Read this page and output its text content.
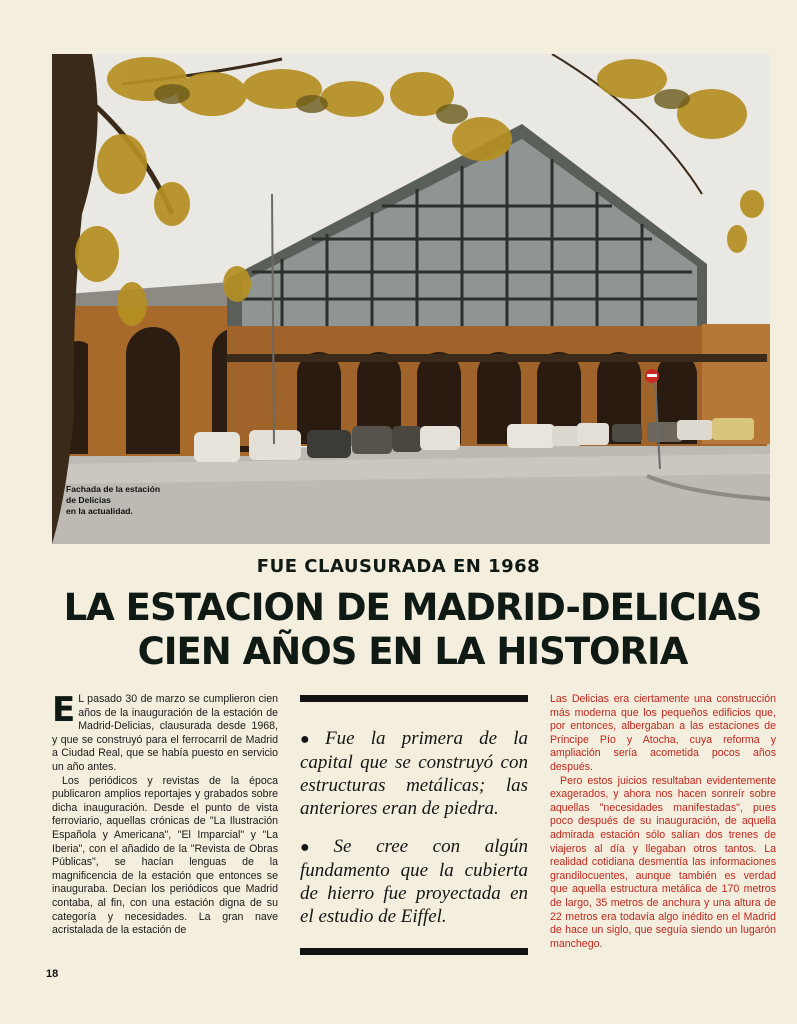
Fachada de la estación
de Delicias
en la actualidad.
FUE CLAUSURADA EN 1968
LA ESTACION DE MADRID-DELICIAS
CIEN AÑOS EN LA HISTORIA

E L pasado 30 de marzo se cumplieron cien años de la inauguración de la estación de Madrid-Delicias, clausurada desde 1968, y que se construyó para el ferrocarril de Madrid a Ciudad Real, que se había puesto en servicio un año antes.

Los periódicos y revistas de la época publicaron amplios reportajes y grabados sobre dicha inauguración. Desde el punto de vista ferroviario, aquellas crónicas de "La Ilustración Española y Americana", "El Imparcial" y "La Iberia", con el añadido de la "Revista de Obras Públicas", se hacían lenguas de la magnificencia de la estación que entonces se inauguraba. Decían los periódicos que Madrid contaba, al fin, con una estación digna de su categoría y necesidades. La gran nave acristalada de la estación de

● Fue la primera de la capital que se construyó con estructuras metálicas; las anteriores eran de piedra.
● Se cree con algún fundamento que la cubierta de hierro fue proyectada en el estudio de Eiffel.

Las Delicias era ciertamente una construcción más moderna que los pequeños edificios que, por entonces, albergaban a las estaciones de Príncipe Pío y Atocha, cuya reforma y ampliación sería acometida pocos años después.

Pero estos juicios resultaban evidentemente exagerados, y ahora nos hacen sonreír sobre aquellas "necesidades manifestadas", pues poco después de su inauguración, de aquella admirada estación sólo salían dos trenes de viajeros al día y llegaban otros tantos. La realidad cotidiana desmentía las informaciones grandilocuentes, aunque también es verdad que aquella estructura metálica de 170 metros de largo, 35 metros de anchura y una altura de 22 metros era todavía algo inédito en el Madrid de hace un siglo, que seguía siendo un lugarón manchego.

18
